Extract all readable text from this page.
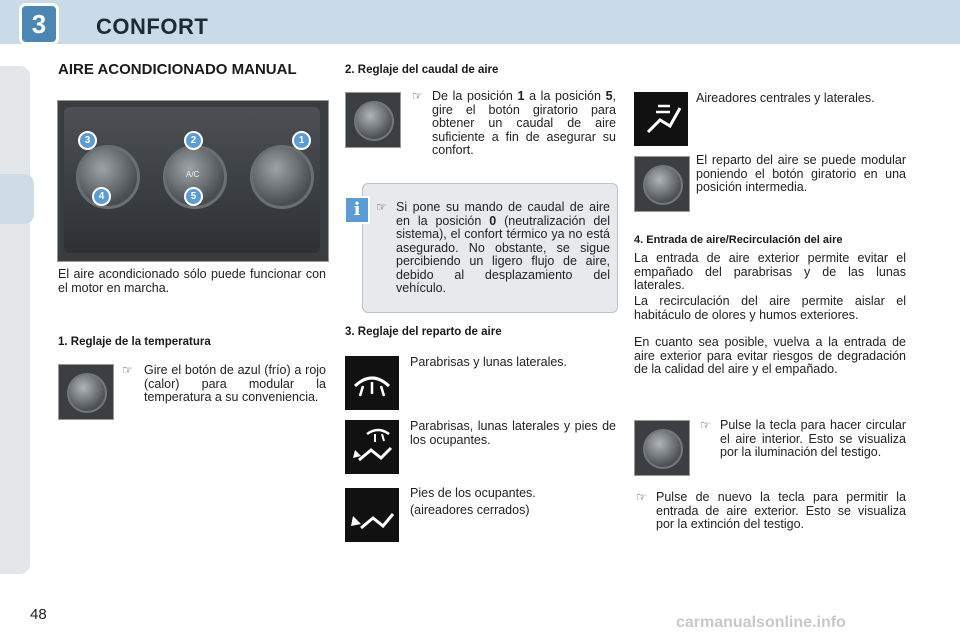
3	CONFORT
AIRE ACONDICIONADO MANUAL
A/C
3	2	1
4	5
El aire acondicionado sólo puede funcionar con el motor en marcha.
1. Reglaje de la temperatura
☞ Gire el botón de azul (frío) a rojo (calor) para modular la temperatura a su conveniencia.
2. Reglaje del caudal de aire
☞ De la posición 1 a la posición 5, gire el botón giratorio para obtener un caudal de aire suficiente a fin de asegurar su confort.
i	☞ Si pone su mando de caudal de aire en la posición 0 (neutralización del sistema), el confort térmico ya no está asegurado. No obstante, se sigue percibiendo un ligero flujo de aire, debido al desplazamiento del vehículo.
3. Reglaje del reparto de aire
Parabrisas y lunas laterales.
Parabrisas, lunas laterales y pies de los ocupantes.
Pies de los ocupantes.
(aireadores cerrados)
Aireadores centrales y laterales.
El reparto del aire se puede modular poniendo el botón giratorio en una posición intermedia.
4. Entrada de aire/Recirculación del aire
La entrada de aire exterior permite evitar el empañado del parabrisas y de las lunas laterales.
La recirculación del aire permite aislar el habitáculo de olores y humos exteriores.
En cuanto sea posible, vuelva a la entrada de aire exterior para evitar riesgos de degradación de la calidad del aire y el empañado.
☞ Pulse la tecla para hacer circular el aire interior. Esto se visualiza por la iluminación del testigo.
☞ Pulse de nuevo la tecla para permitir la entrada de aire exterior. Esto se visualiza por la extinción del testigo.
48	carmanualsonline.info
